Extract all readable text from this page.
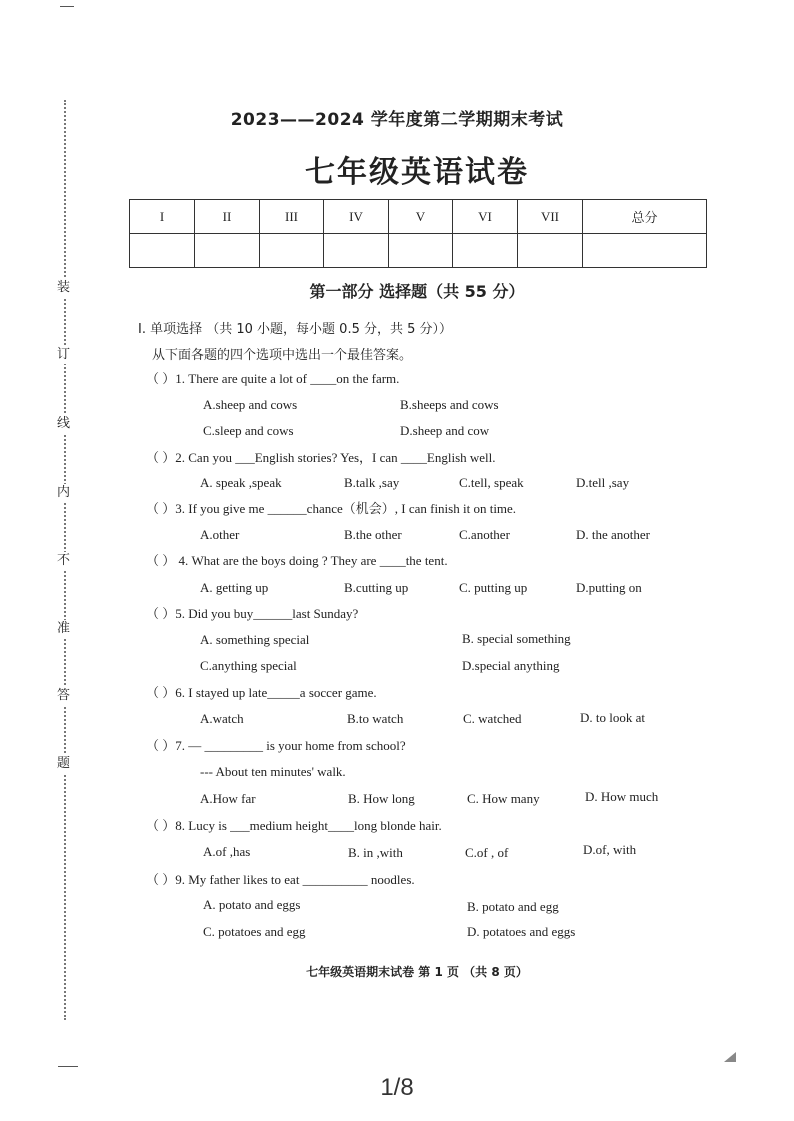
装
订
线
内
不
准
答
题
2023——2024 学年度第二学期期末考试
七年级英语试卷
I	II	III	IV	V	VI	VII	总分

第一部分 选择题（共 55 分）
I. 单项选择 （共 10 小题，每小题 0.5 分，共 5 分））
从下面各题的四个选项中选出一个最佳答案。
（ ）1. There are quite a lot of ____on the farm.
A.sheep and cows	B.sheeps and cows
C.sleep and cows	D.sheep and cow
（ ）2. Can you ___English stories? Yes，I can ____English well.
A. speak ,speak	B.talk ,say	C.tell, speak	D.tell ,say
（ ）3. If you give me ______chance（机会）, I can finish it on time.
A.other	B.the other	C.another	D. the another
（ ） 4. What are the boys doing ? They are ____the tent.
A. getting up	B.cutting up	C. putting up	D.putting on
（ ）5. Did you buy______last Sunday?
A. something special	B. special something
C.anything special	D.special anything
（ ）6. I stayed up late_____a soccer game.
A.watch	B.to watch	C. watched	D. to look at
（ ）7. — _________ is your home from school?
--- About ten minutes' walk.
A.How far	B. How long	C. How many	D. How much
（ ）8. Lucy is ___medium height____long blonde hair.
A.of ,has	B. in ,with	C.of , of	D.of, with
（ ）9. My father likes to eat __________ noodles.
A. potato and eggs	B. potato and egg
C. potatoes and egg	D. potatoes and eggs
七年级英语期末试卷 第 1 页 （共 8 页）
1/8
